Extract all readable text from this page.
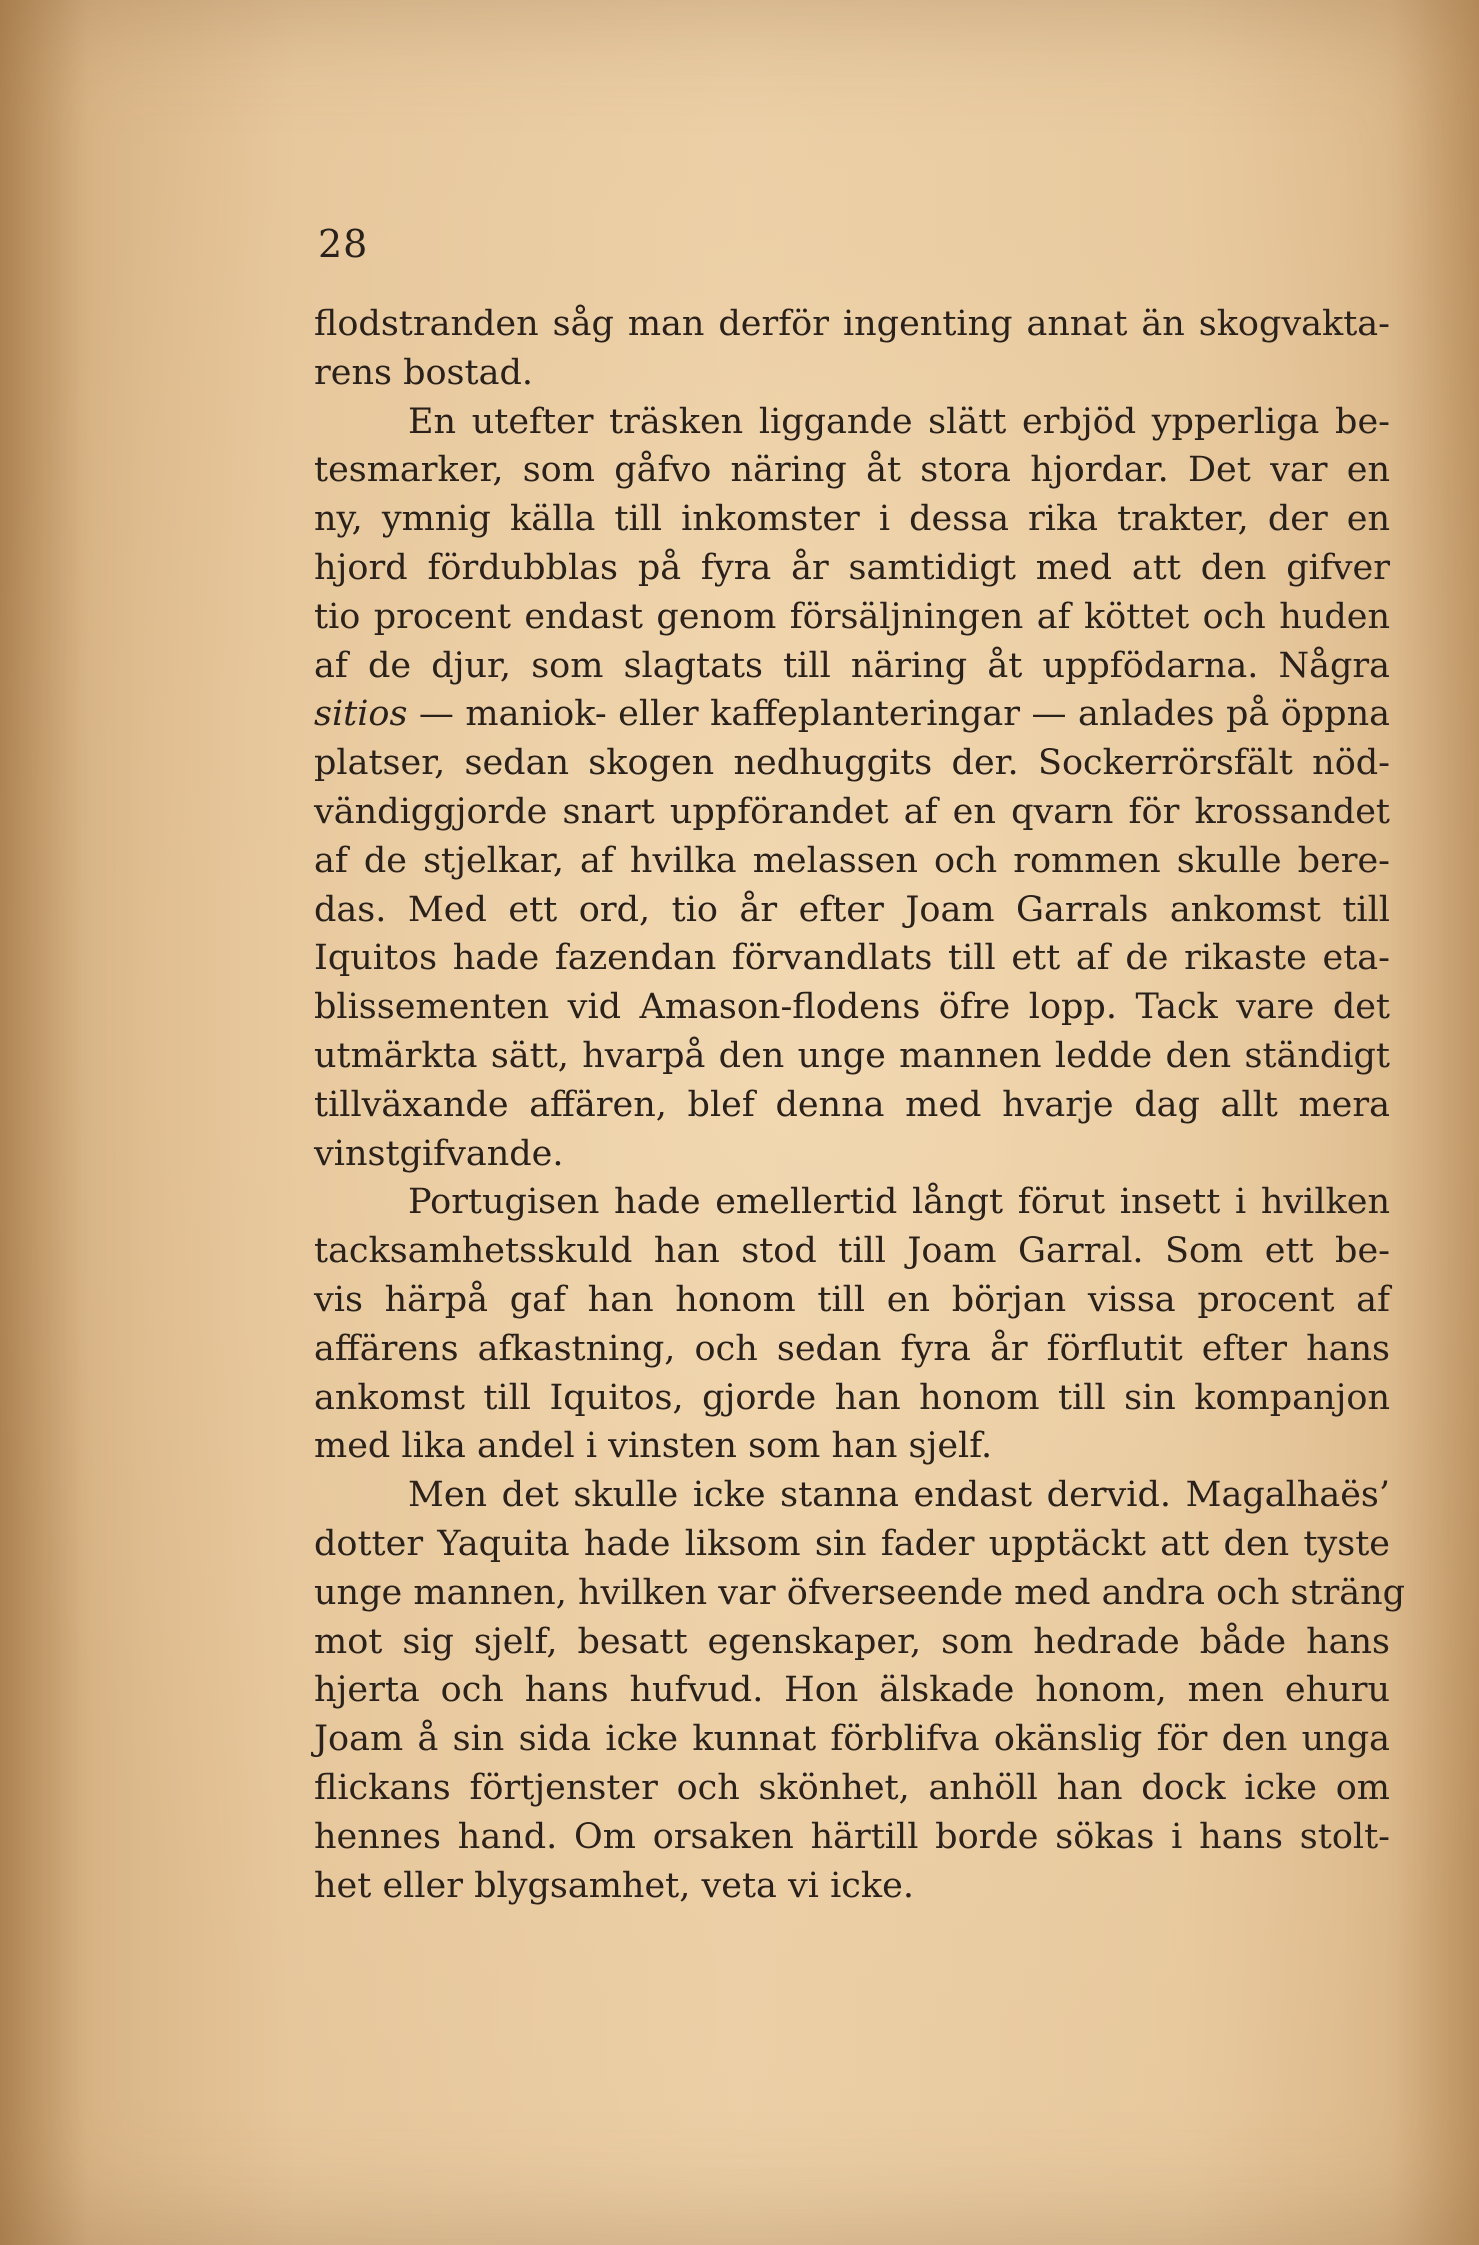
28
flodstranden såg man derför ingenting annat än skogvakta-
rens bostad.
En utefter träsken liggande slätt erbjöd ypperliga be-
tesmarker, som gåfvo näring åt stora hjordar. Det var en
ny, ymnig källa till inkomster i dessa rika trakter, der en
hjord fördubblas på fyra år samtidigt med att den gifver
tio procent endast genom försäljningen af köttet och huden
af de djur, som slagtats till näring åt uppfödarna. Några
sitios — maniok- eller kaffeplanteringar — anlades på öppna
platser, sedan skogen nedhuggits der. Sockerrörsfält nöd-
vändiggjorde snart uppförandet af en qvarn för krossandet
af de stjelkar, af hvilka melassen och rommen skulle bere-
das. Med ett ord, tio år efter Joam Garrals ankomst till
Iquitos hade fazendan förvandlats till ett af de rikaste eta-
blissementen vid Amason-flodens öfre lopp. Tack vare det
utmärkta sätt, hvarpå den unge mannen ledde den ständigt
tillväxande affären, blef denna med hvarje dag allt mera
vinstgifvande.
Portugisen hade emellertid långt förut insett i hvilken
tacksamhetsskuld han stod till Joam Garral. Som ett be-
vis härpå gaf han honom till en början vissa procent af
affärens afkastning, och sedan fyra år förflutit efter hans
ankomst till Iquitos, gjorde han honom till sin kompanjon
med lika andel i vinsten som han sjelf.
Men det skulle icke stanna endast dervid. Magalhaës’
dotter Yaquita hade liksom sin fader upptäckt att den tyste
unge mannen, hvilken var öfverseende med andra och sträng
mot sig sjelf, besatt egenskaper, som hedrade både hans
hjerta och hans hufvud. Hon älskade honom, men ehuru
Joam å sin sida icke kunnat förblifva okänslig för den unga
flickans förtjenster och skönhet, anhöll han dock icke om
hennes hand. Om orsaken härtill borde sökas i hans stolt-
het eller blygsamhet, veta vi icke.
